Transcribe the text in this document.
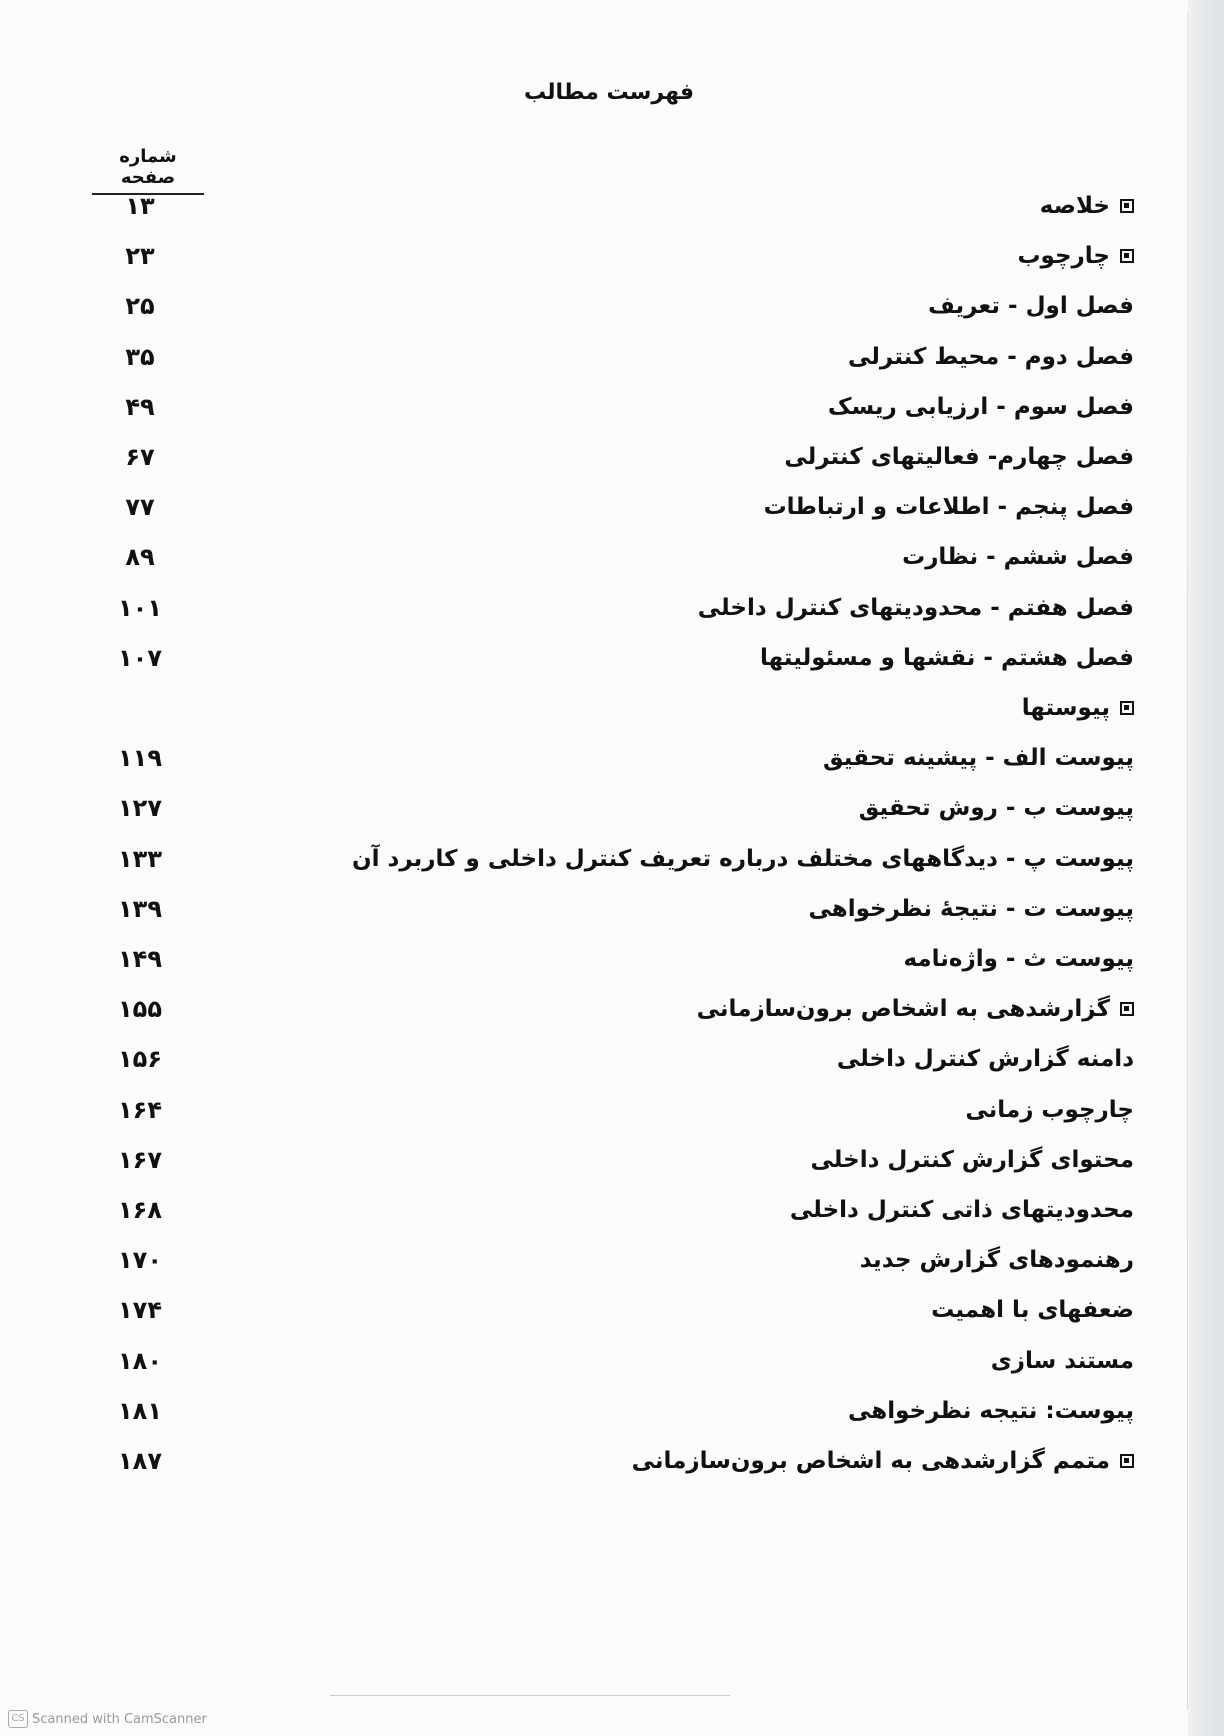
فهرست مطالب
شماره صفحه
خلاصه
۱۳
چارچوب
۲۳
فصل اول - تعریف
۲۵
فصل دوم - محیط کنترلی
۳۵
فصل سوم - ارزیابی ریسک
۴۹
فصل چهارم- فعالیتهای کنترلی
۶۷
فصل پنجم - اطلاعات و ارتباطات
۷۷
فصل ششم - نظارت
۸۹
فصل هفتم - محدودیتهای کنترل داخلی
۱۰۱
فصل هشتم - نقشها و مسئولیتها
۱۰۷
پیوستها
پیوست الف - پیشینه تحقیق
۱۱۹
پیوست ب - روش تحقیق
۱۲۷
پیوست پ - دیدگاههای مختلف درباره تعریف کنترل داخلی و کاربرد آن
۱۳۳
پیوست ت - نتیجهٔ نظرخواهی
۱۳۹
پیوست ث - واژه‌نامه
۱۴۹
گزارشدهی به اشخاص برون‌سازمانی
۱۵۵
دامنه گزارش کنترل داخلی
۱۵۶
چارچوب زمانی
۱۶۴
محتوای گزارش کنترل داخلی
۱۶۷
محدودیتهای ذاتی کنترل داخلی
۱۶۸
رهنمودهای گزارش جدید
۱۷۰
ضعفهای با اهمیت
۱۷۴
مستند سازی
۱۸۰
پیوست: نتیجه نظرخواهی
۱۸۱
متمم گزارشدهی به اشخاص برون‌سازمانی
۱۸۷
CS Scanned with CamScanner
